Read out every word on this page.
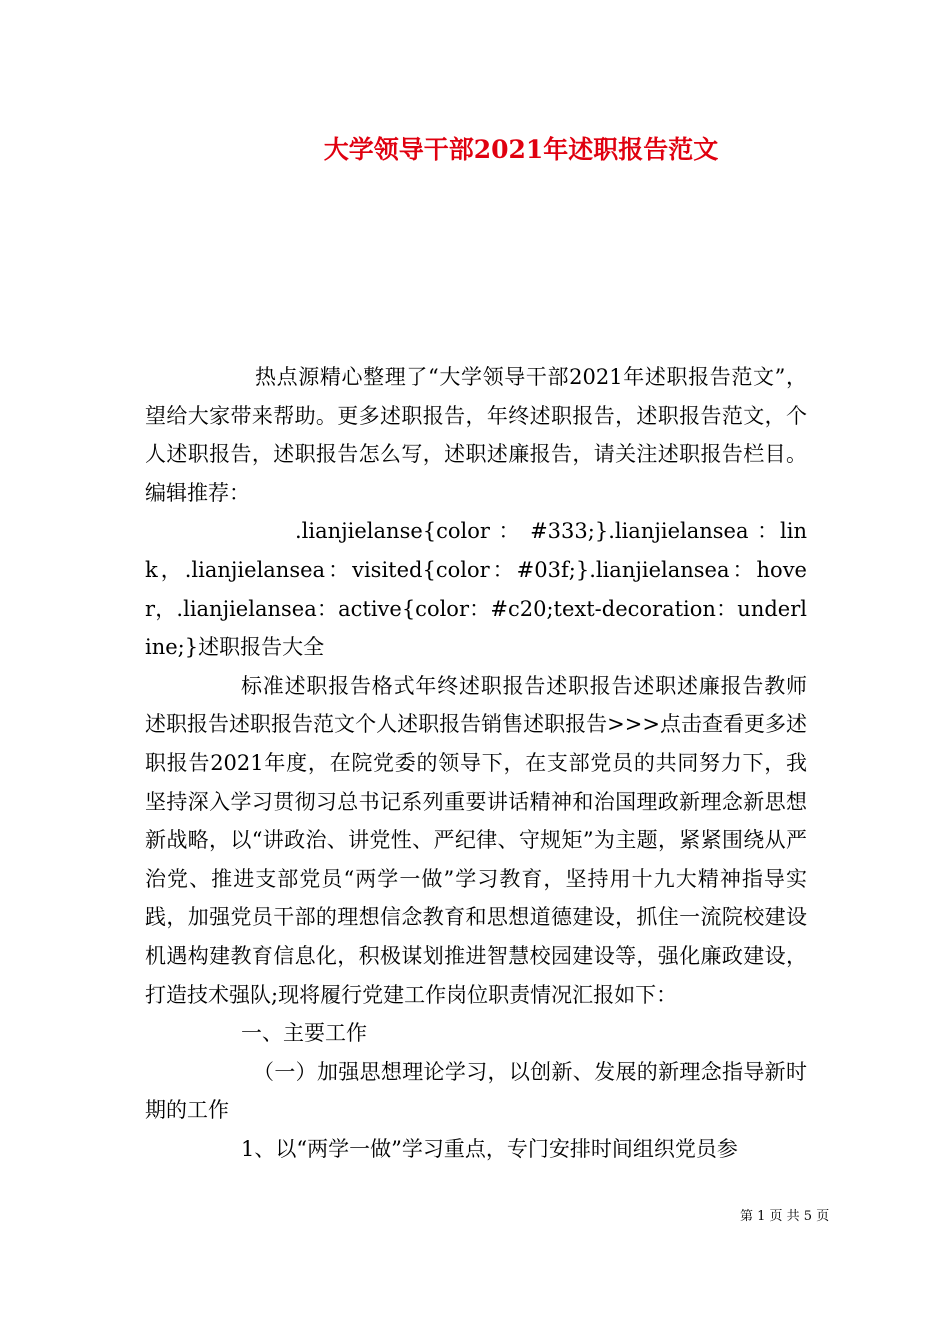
大学领导干部2021年述职报告范文

热点源精心整理了“大学领导干部2021年述职报告范文”，望给大家带来帮助。更多述职报告，年终述职报告，述职报告范文，个人述职报告，述职报告怎么写，述职述廉报告，请关注述职报告栏目。编辑推荐：

.lianjielanse{color ： #333;}.lianjielansea ：link，.lianjielansea：visited{color：#03f;}.lianjielansea：hover，.lianjielansea：active{color：#c20;text-decoration：underline;}述职报告大全

标准述职报告格式年终述职报告述职报告述职述廉报告教师述职报告述职报告范文个人述职报告销售述职报告>>>点击查看更多述职报告2021年度，在院党委的领导下，在支部党员的共同努力下，我坚持深入学习贯彻习总书记系列重要讲话精神和治国理政新理念新思想新战略，以“讲政治、讲党性、严纪律、守规矩”为主题，紧紧围绕从严治党、推进支部党员“两学一做”学习教育，坚持用十九大精神指导实践，加强党员干部的理想信念教育和思想道德建设，抓住一流院校建设机遇构建教育信息化，积极谋划推进智慧校园建设等，强化廉政建设，打造技术强队;现将履行党建工作岗位职责情况汇报如下：

一、主要工作

（一）加强思想理论学习，以创新、发展的新理念指导新时期的工作

1、以“两学一做”学习重点，专门安排时间组织党员参

第 1 页 共 5 页
